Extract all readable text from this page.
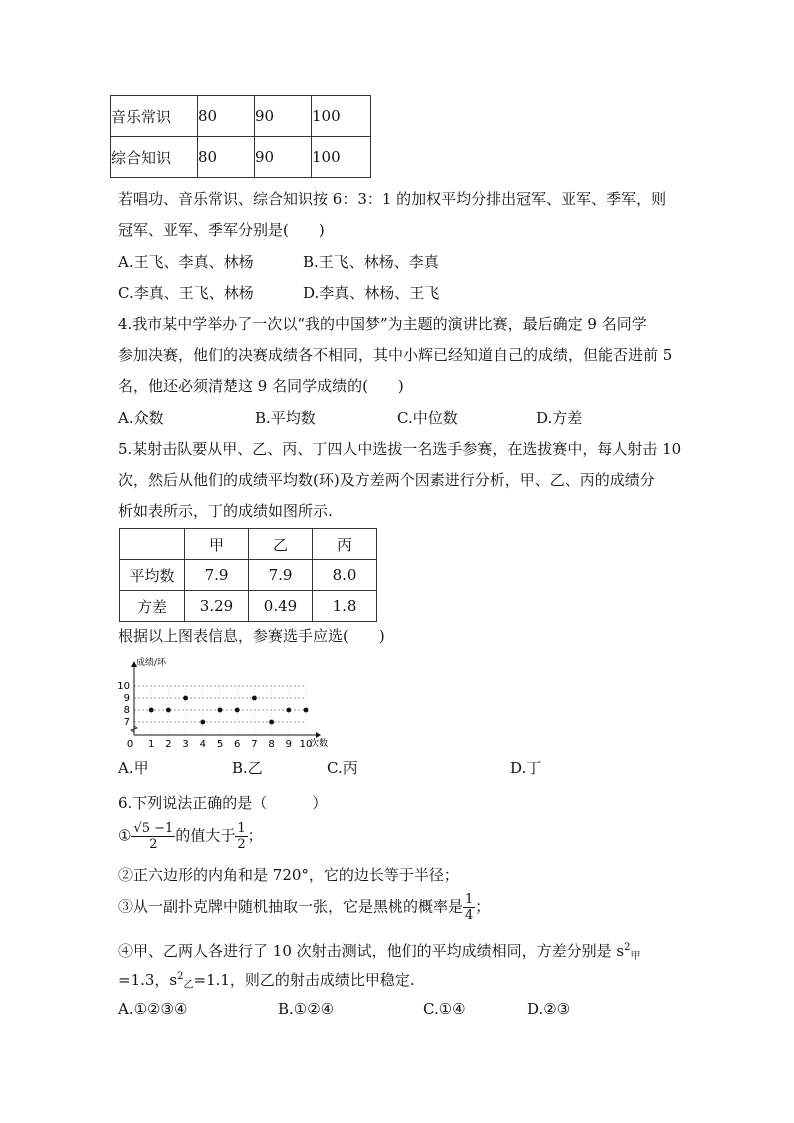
音乐常识	80	90	100
综合知识	80	90	100
若唱功、音乐常识、综合知识按 6：3：1 的加权平均分排出冠军、亚军、季军，则
冠军、亚军、季军分别是(　　)
A.王飞、李真、林杨	B.王飞、林杨、李真
C.李真、王飞、林杨	D.李真、林杨、王飞
4.我市某中学举办了一次以“我的中国梦”为主题的演讲比赛，最后确定 9 名同学
参加决赛，他们的决赛成绩各不相同，其中小辉已经知道自己的成绩，但能否进前 5
名，他还必须清楚这 9 名同学成绩的(　　)
A.众数	B.平均数	C.中位数	D.方差
5.某射击队要从甲、乙、丙、丁四人中选拔一名选手参赛，在选拔赛中，每人射击 10
次，然后从他们的成绩平均数(环)及方差两个因素进行分析，甲、乙、丙的成绩分
析如表所示，丁的成绩如图所示.
	甲	乙	丙
平均数	7.9	7.9	8.0
方差	3.29	0.49	1.8
根据以上图表信息，参赛选手应选(　　)
成绩/环
次数
7
8
9
10
0 1 2 3 4 5 6 7 8 9 10
A.甲	B.乙	C.丙	D.丁
6.下列说法正确的是（　　　）
① $\frac{√5 -1}{2}$ 的值大于 $\frac{1}{2}$ ；
②正六边形的内角和是 720°，它的边长等于半径；
③从一副扑克牌中随机抽取一张，它是黑桃的概率是 $\frac{1}{4}$ ；
④甲、乙两人各进行了 10 次射击测试，他们的平均成绩相同，方差分别是 $s^2_甲$
=1.3，$s^2_乙=1.1$，则乙的射击成绩比甲稳定.
A.①②③④	B.①②④	C.①④	D.②③
